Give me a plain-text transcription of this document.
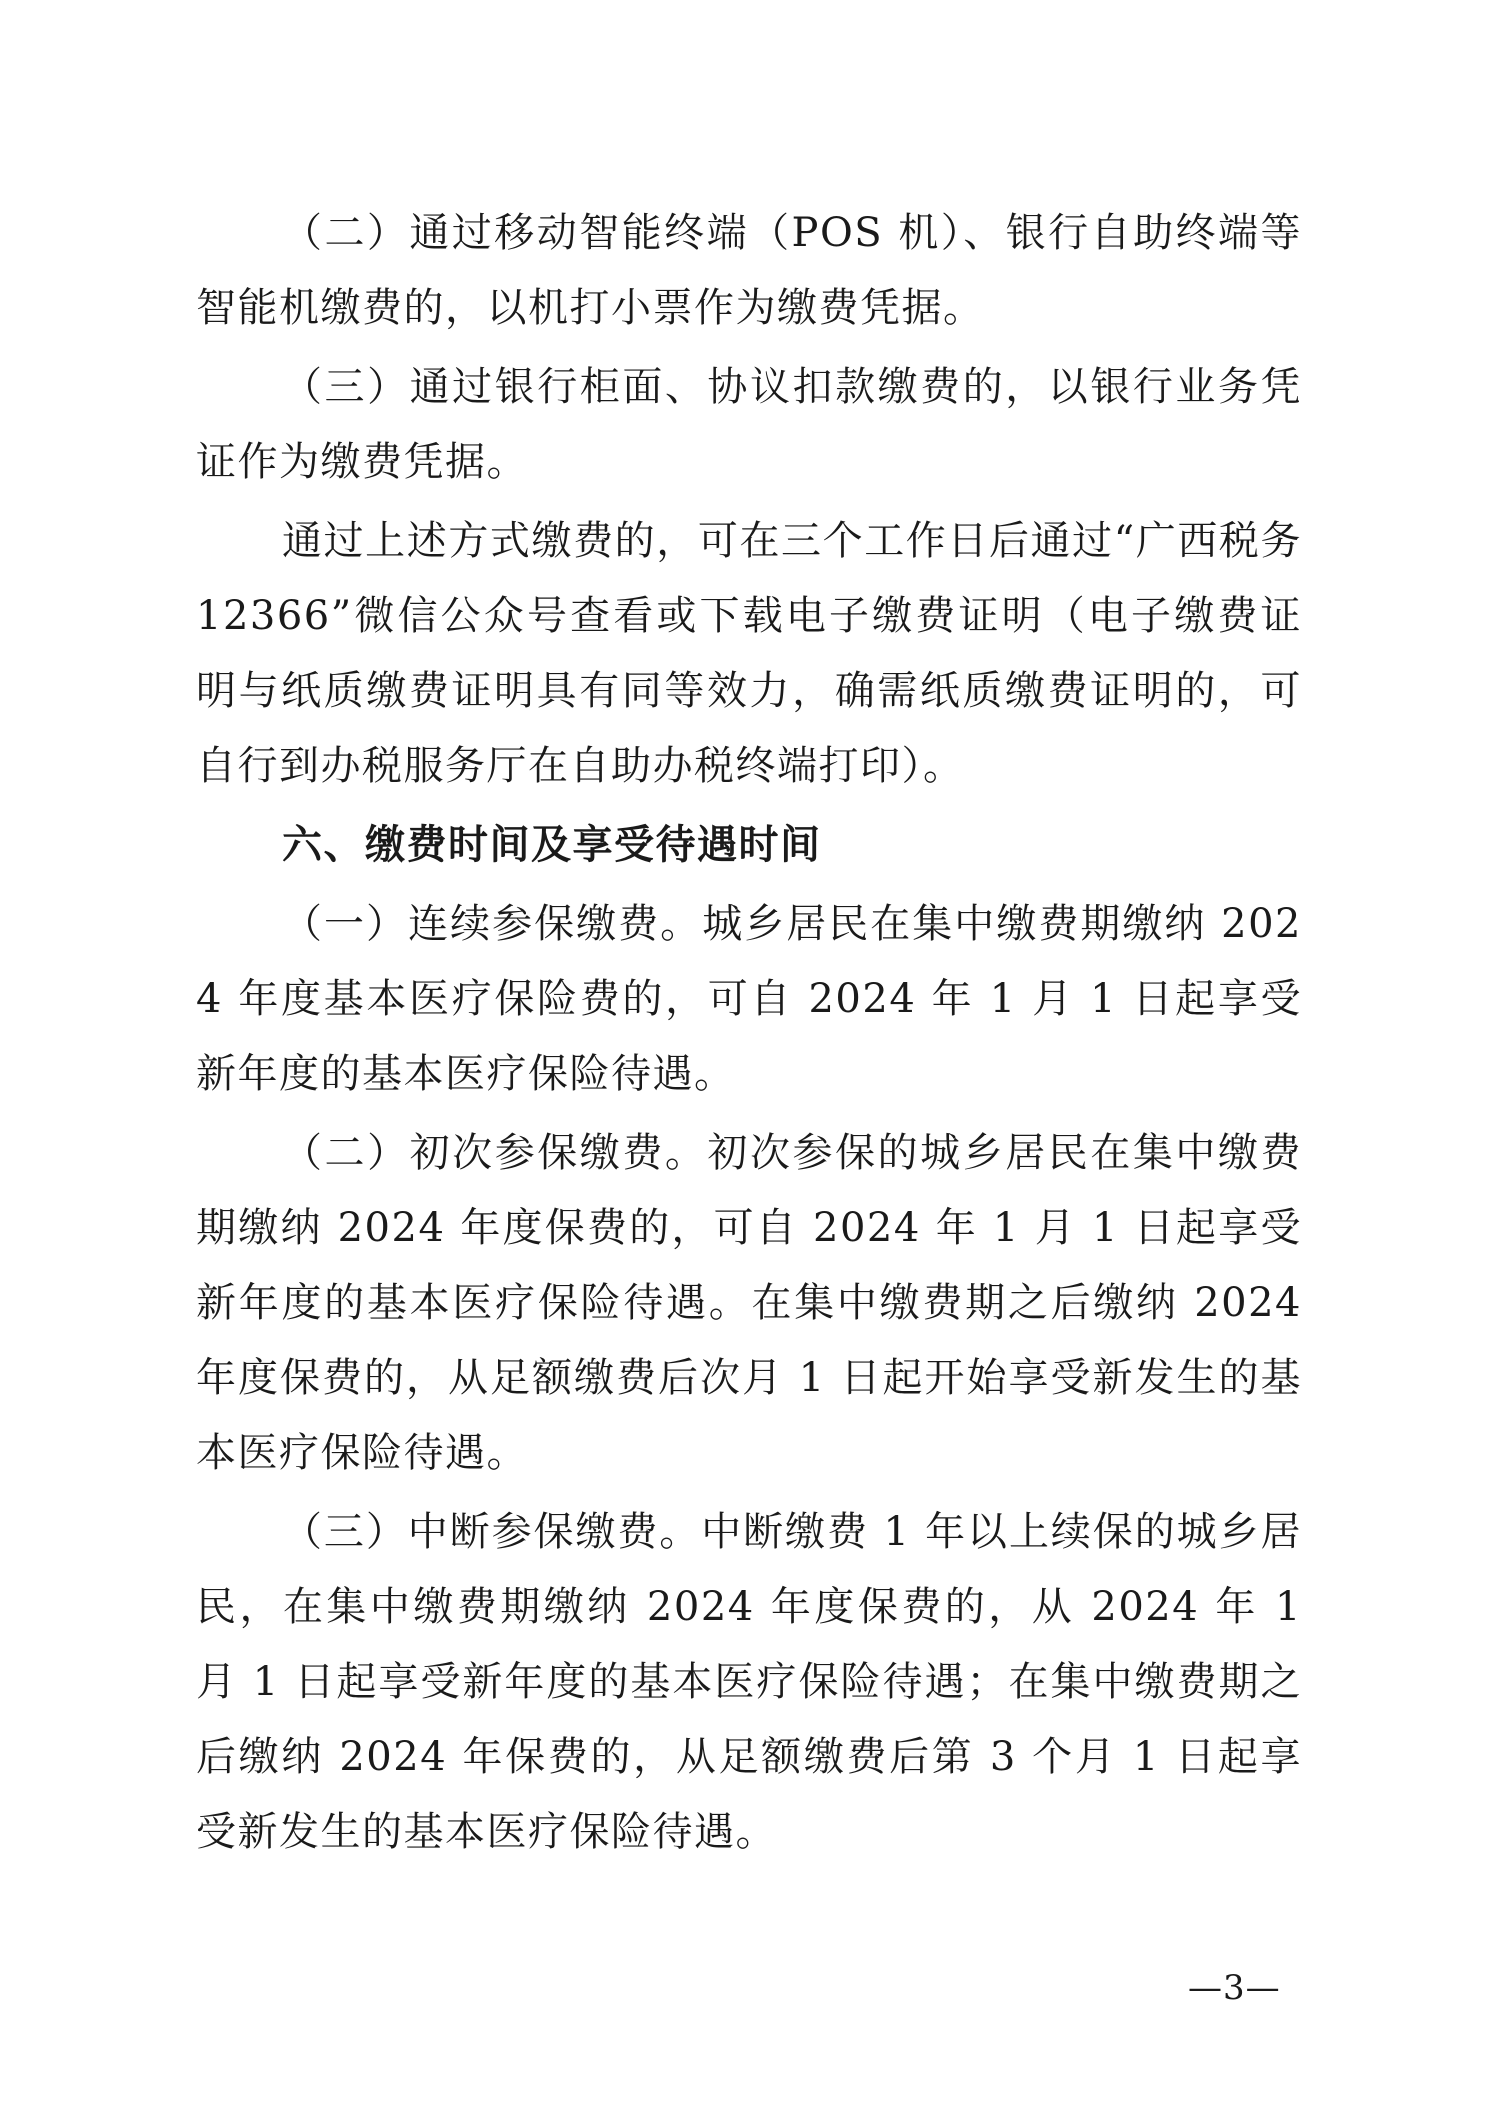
（二）通过移动智能终端（POS 机）、银行自助终端等智能机缴费的，以机打小票作为缴费凭据。

（三）通过银行柜面、协议扣款缴费的，以银行业务凭证作为缴费凭据。

通过上述方式缴费的，可在三个工作日后通过“广西税务12366”微信公众号查看或下载电子缴费证明（电子缴费证明与纸质缴费证明具有同等效力，确需纸质缴费证明的，可自行到办税服务厅在自助办税终端打印）。

六、缴费时间及享受待遇时间

（一）连续参保缴费。城乡居民在集中缴费期缴纳 2024 年度基本医疗保险费的，可自 2024 年 1 月 1 日起享受新年度的基本医疗保险待遇。

（二）初次参保缴费。初次参保的城乡居民在集中缴费期缴纳 2024 年度保费的，可自 2024 年 1 月 1 日起享受新年度的基本医疗保险待遇。在集中缴费期之后缴纳 2024 年度保费的，从足额缴费后次月 1 日起开始享受新发生的基本医疗保险待遇。

（三）中断参保缴费。中断缴费 1 年以上续保的城乡居民，在集中缴费期缴纳 2024 年度保费的，从 2024 年 1 月 1 日起享受新年度的基本医疗保险待遇；在集中缴费期之后缴纳 2024 年保费的，从足额缴费后第 3 个月 1 日起享受新发生的基本医疗保险待遇。

—3—
